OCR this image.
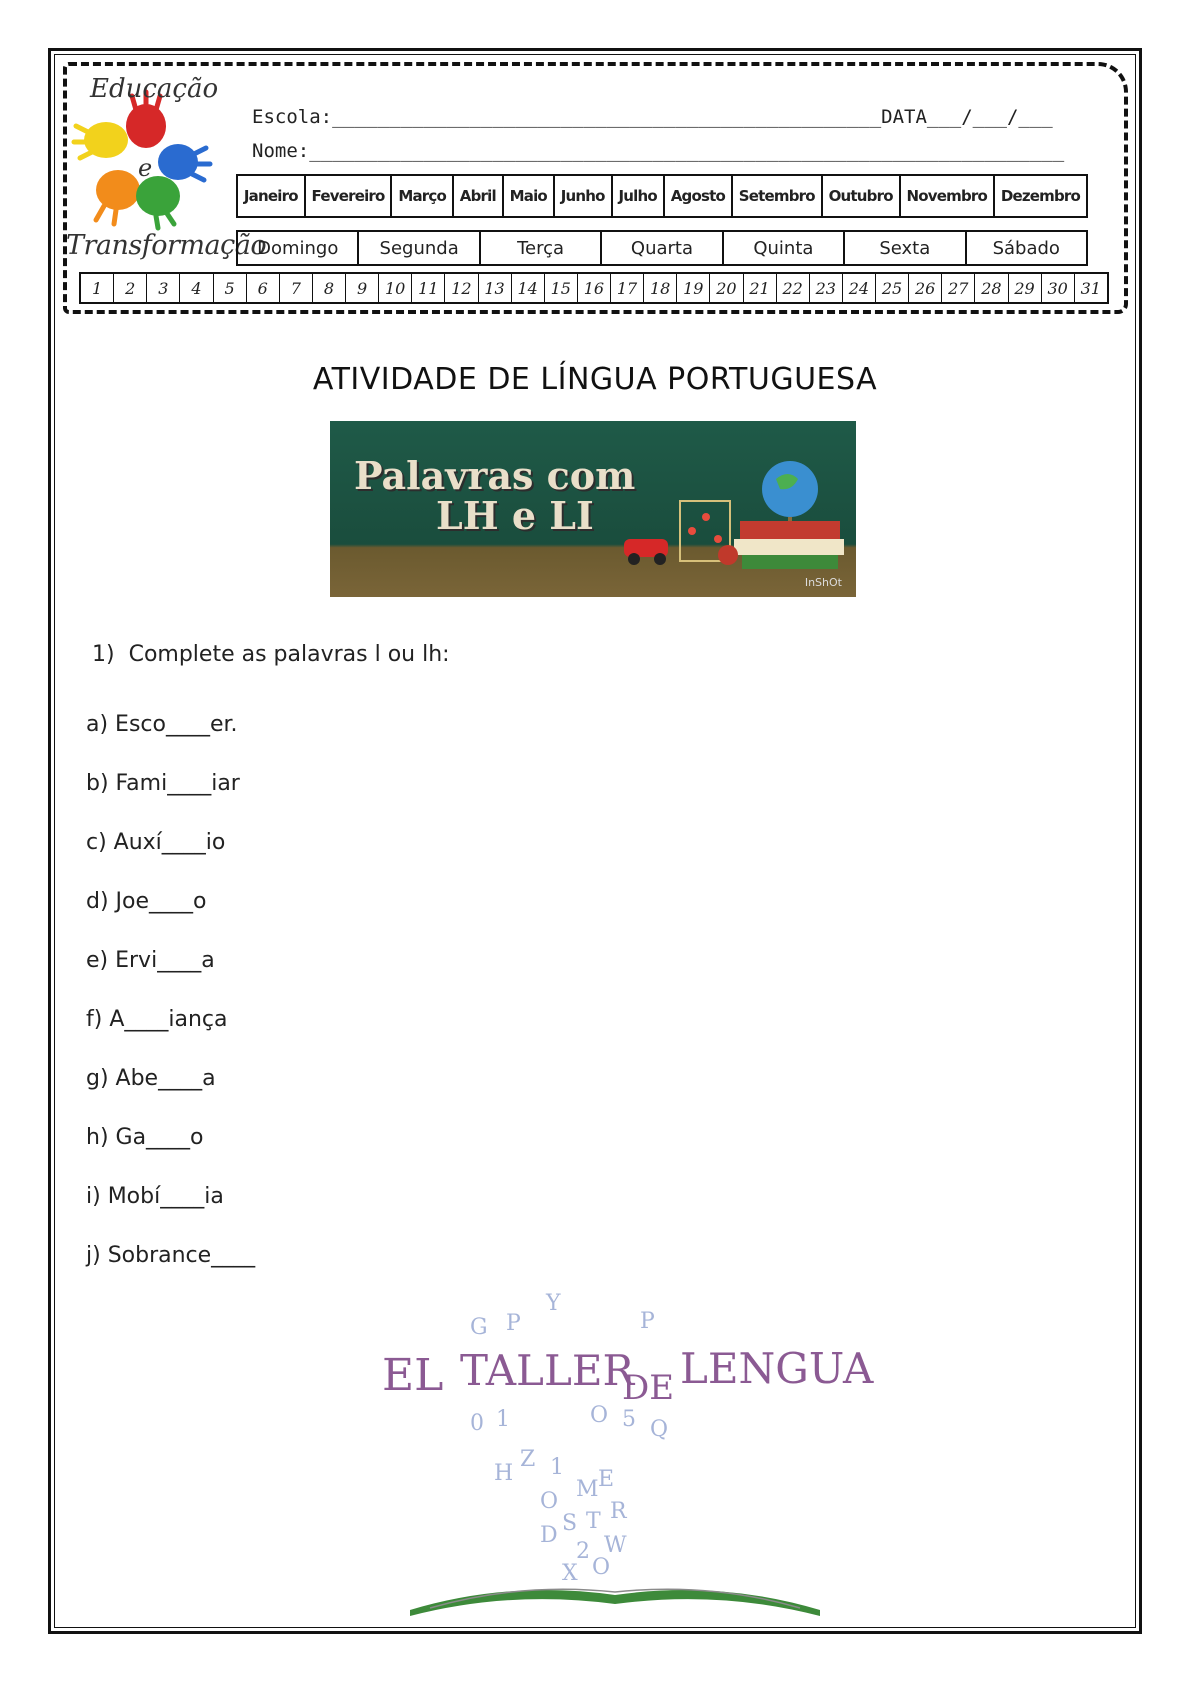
Educação
e
Transformação
Escola:________________________________________________DATA___/___/___
Nome:__________________________________________________________________
Janeiro Fevereiro Março Abril Maio Junho Julho Agosto Setembro Outubro Novembro Dezembro
Domingo	Segunda	Terça	Quarta	Quinta	Sexta	Sábado
1	2	3	4	5	6	7	8	9	10 11 12 13 14 15 16 17 18 19 20 21 22 23 24 25 26 27 28 29 30 31
ATIVIDADE DE LÍNGUA PORTUGUESA
Palavras com
LH e LI
InShOt
1) Complete as palavras l ou lh:
a) Esco____er.
b) Fami____iar
c) Auxí____io
d) Joe____o
e) Ervi____a
f) A____iança
g) Abe____a
h) Ga____o
i) Mobí____ia
j) Sobrance____
G P
Y
P
0 1	O 5 Q
H
Z 1
O M E
D S T R
2 W
O
X
EL TALLER
DE LENGUA
